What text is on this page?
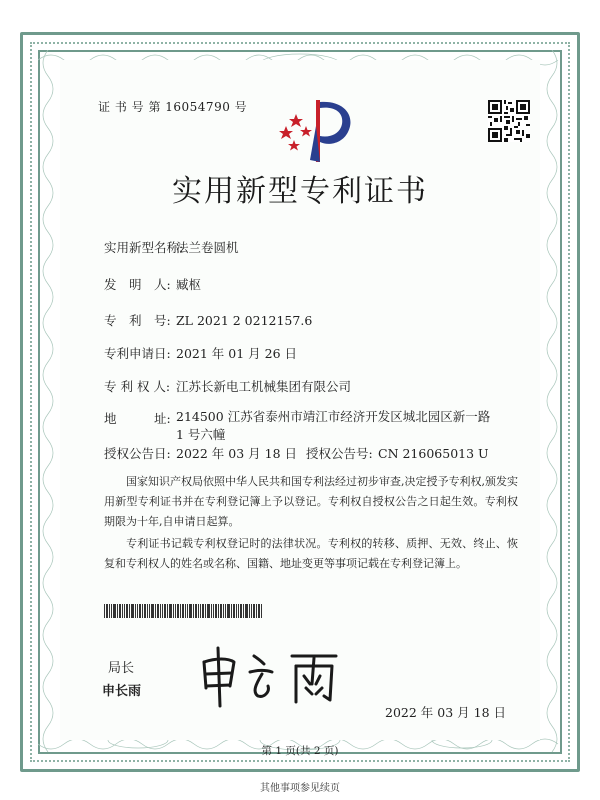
证 书 号 第 16054790 号
实用新型专利证书
实用新型名称:法兰卷圆机
发　明　人: 臧枢
专　利　号: ZL 2021 2 0212157.6
专利申请日: 2021 年 01 月 26 日
专 利 权 人: 江苏长新电工机械集团有限公司
地　　　址: 214500 江苏省泰州市靖江市经济开发区城北园区新一路 1 号六幢
授权公告日: 2022 年 03 月 18 日 授权公告号: CN 216065013 U
国家知识产权局依照中华人民共和国专利法经过初步审查,决定授予专利权,颁发实用新型专利证书并在专利登记簿上予以登记。专利权自授权公告之日起生效。专利权期限为十年,自申请日起算。
专利证书记载专利权登记时的法律状况。专利权的转移、质押、无效、终止、恢复和专利权人的姓名或名称、国籍、地址变更等事项记载在专利登记簿上。
局长
申长雨
2022 年 03 月 18 日
第 1 页(共 2 页)
其他事项参见续页
